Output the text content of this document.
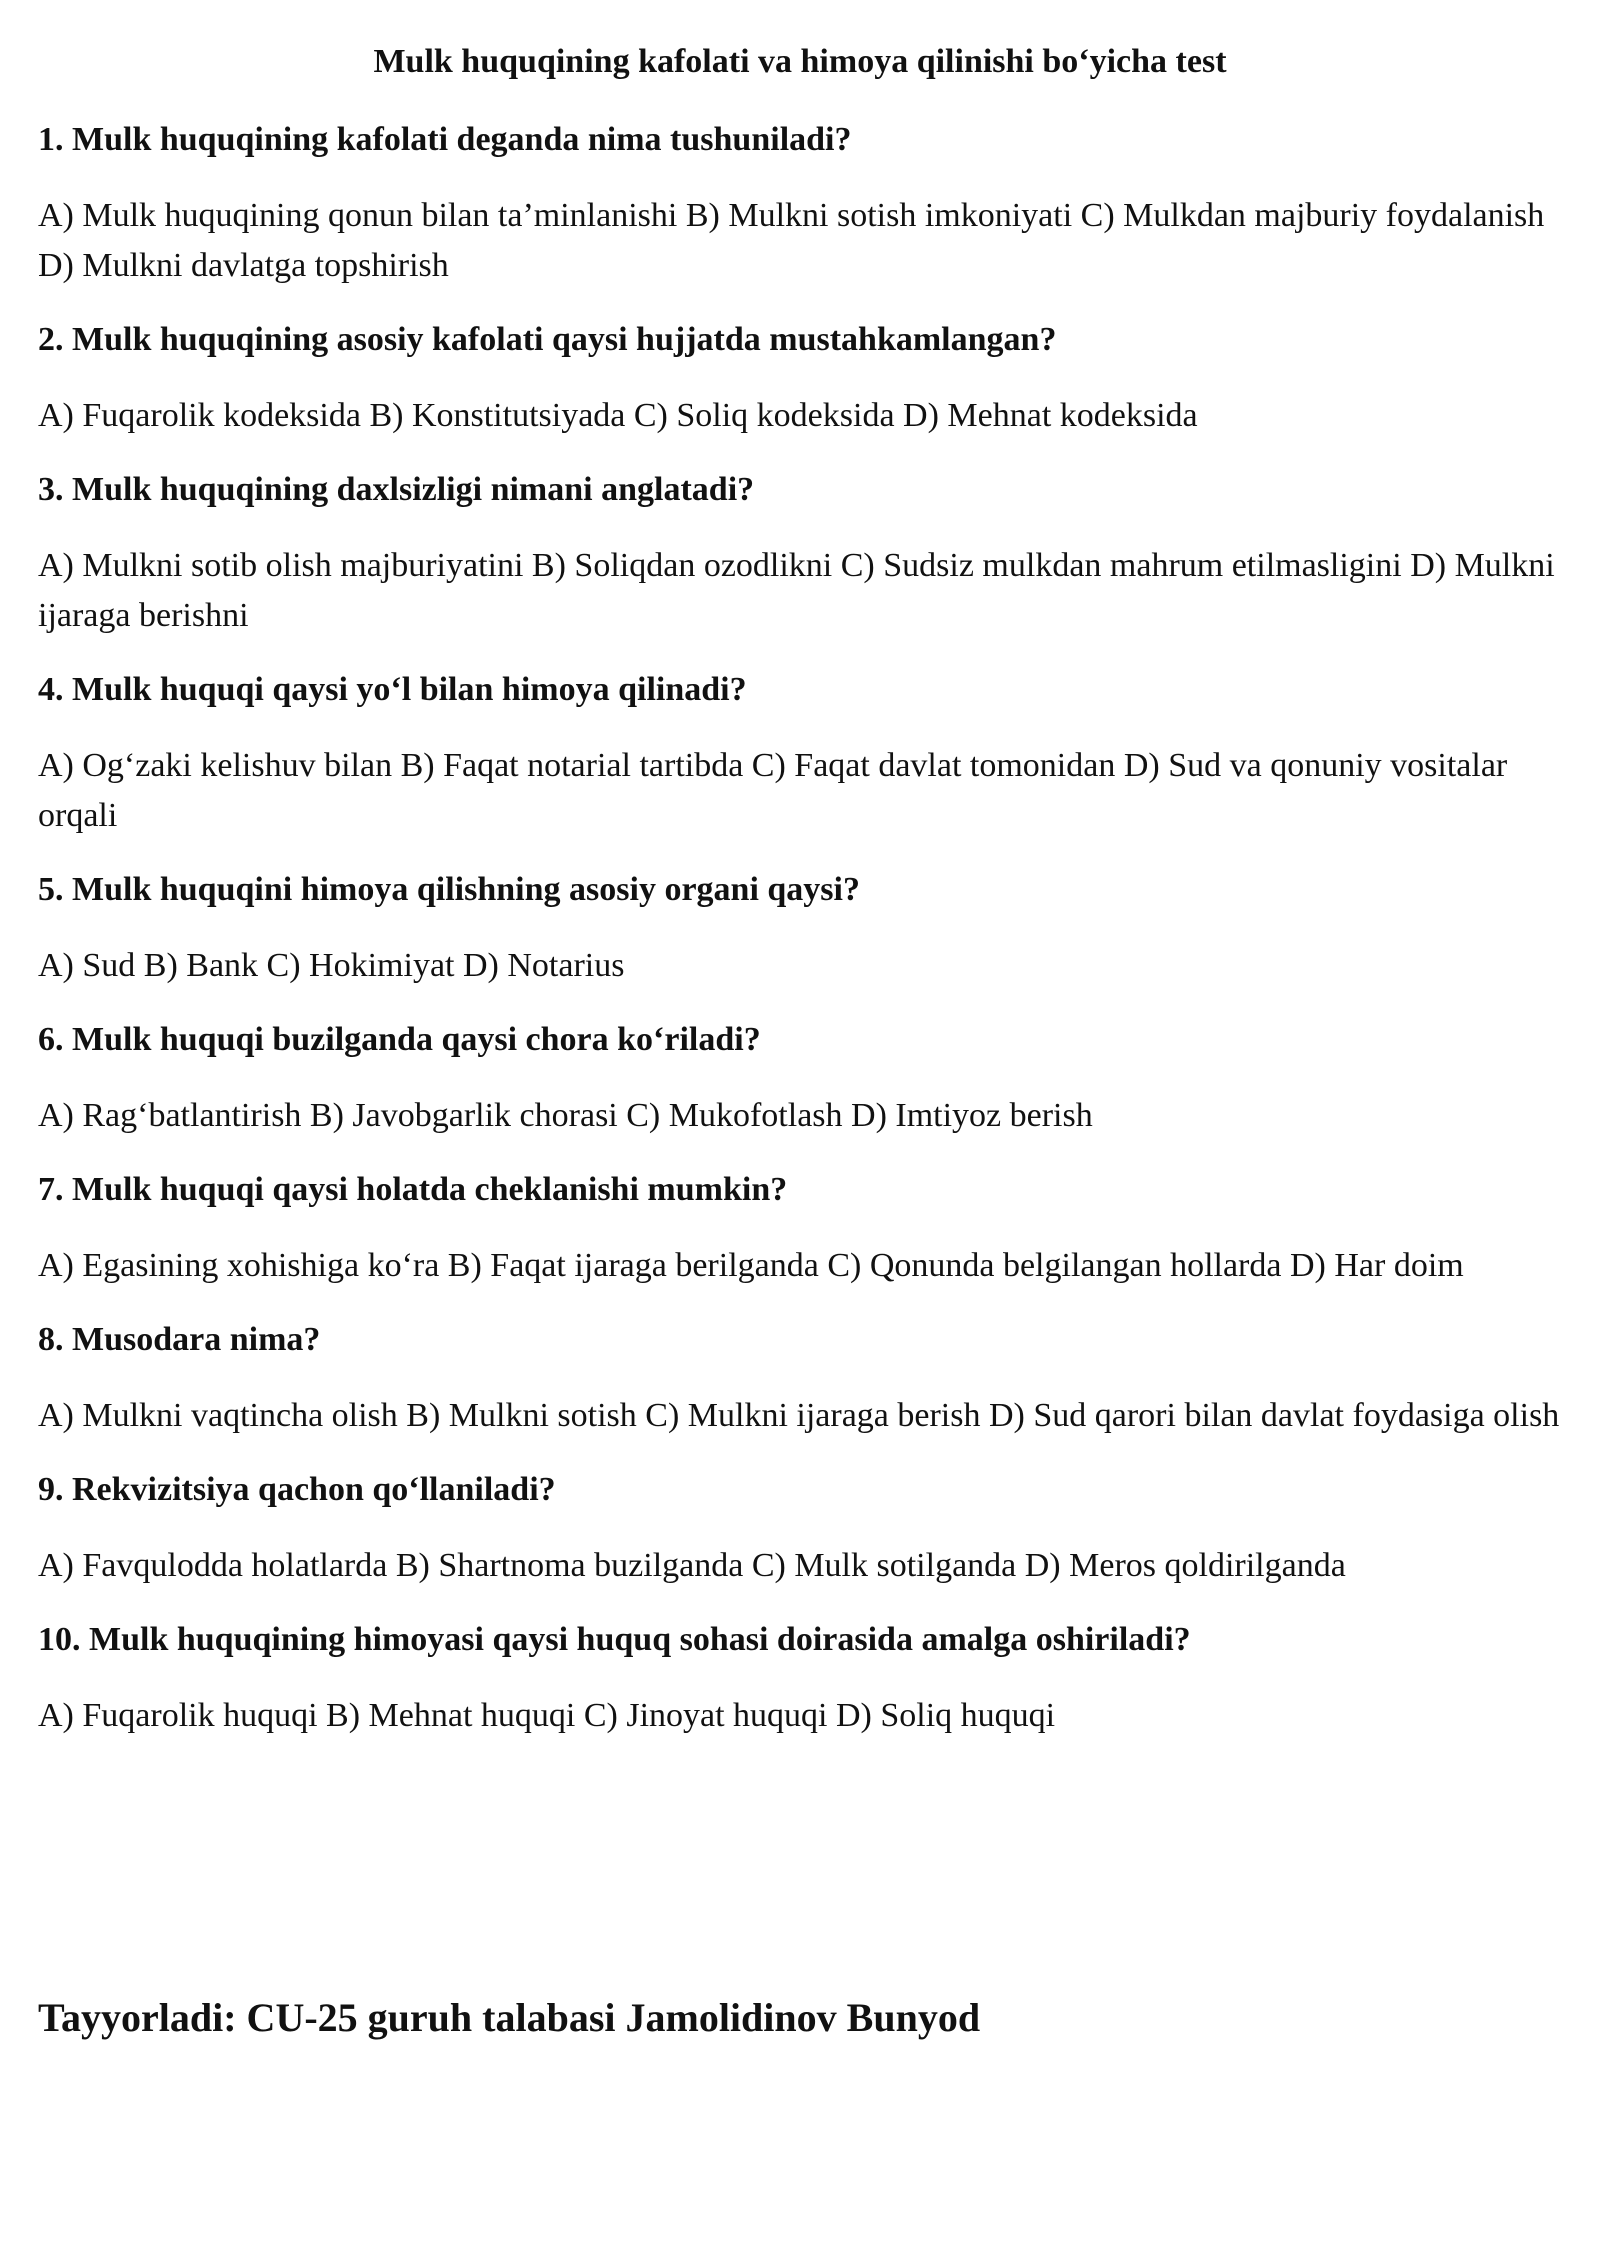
Mulk huquqining kafolati va himoya qilinishi bo‘yicha test

1. Mulk huquqining kafolati deganda nima tushuniladi?

A) Mulk huquqining qonun bilan ta’minlanishi B) Mulkni sotish imkoniyati C) Mulkdan majburiy foydalanish D) Mulkni davlatga topshirish

2. Mulk huquqining asosiy kafolati qaysi hujjatda mustahkamlangan?

A) Fuqarolik kodeksida B) Konstitutsiyada C) Soliq kodeksida D) Mehnat kodeksida

3. Mulk huquqining daxlsizligi nimani anglatadi?

A) Mulkni sotib olish majburiyatini B) Soliqdan ozodlikni C) Sudsiz mulkdan mahrum etilmasligini D) Mulkni ijaraga berishni

4. Mulk huquqi qaysi yo‘l bilan himoya qilinadi?

A) Og‘zaki kelishuv bilan B) Faqat notarial tartibda C) Faqat davlat tomonidan D) Sud va qonuniy vositalar orqali

5. Mulk huquqini himoya qilishning asosiy organi qaysi?

A) Sud B) Bank C) Hokimiyat D) Notarius

6. Mulk huquqi buzilganda qaysi chora ko‘riladi?

A) Rag‘batlantirish B) Javobgarlik chorasi C) Mukofotlash D) Imtiyoz berish

7. Mulk huquqi qaysi holatda cheklanishi mumkin?

A) Egasining xohishiga ko‘ra B) Faqat ijaraga berilganda C) Qonunda belgilangan hollarda D) Har doim

8. Musodara nima?

A) Mulkni vaqtincha olish B) Mulkni sotish C) Mulkni ijaraga berish D) Sud qarori bilan davlat foydasiga olish

9. Rekvizitsiya qachon qo‘llaniladi?

A) Favqulodda holatlarda B) Shartnoma buzilganda C) Mulk sotilganda D) Meros qoldirilganda

10. Mulk huquqining himoyasi qaysi huquq sohasi doirasida amalga oshiriladi?

A) Fuqarolik huquqi B) Mehnat huquqi C) Jinoyat huquqi D) Soliq huquqi

Tayyorladi: CU-25 guruh talabasi Jamolidinov Bunyod
